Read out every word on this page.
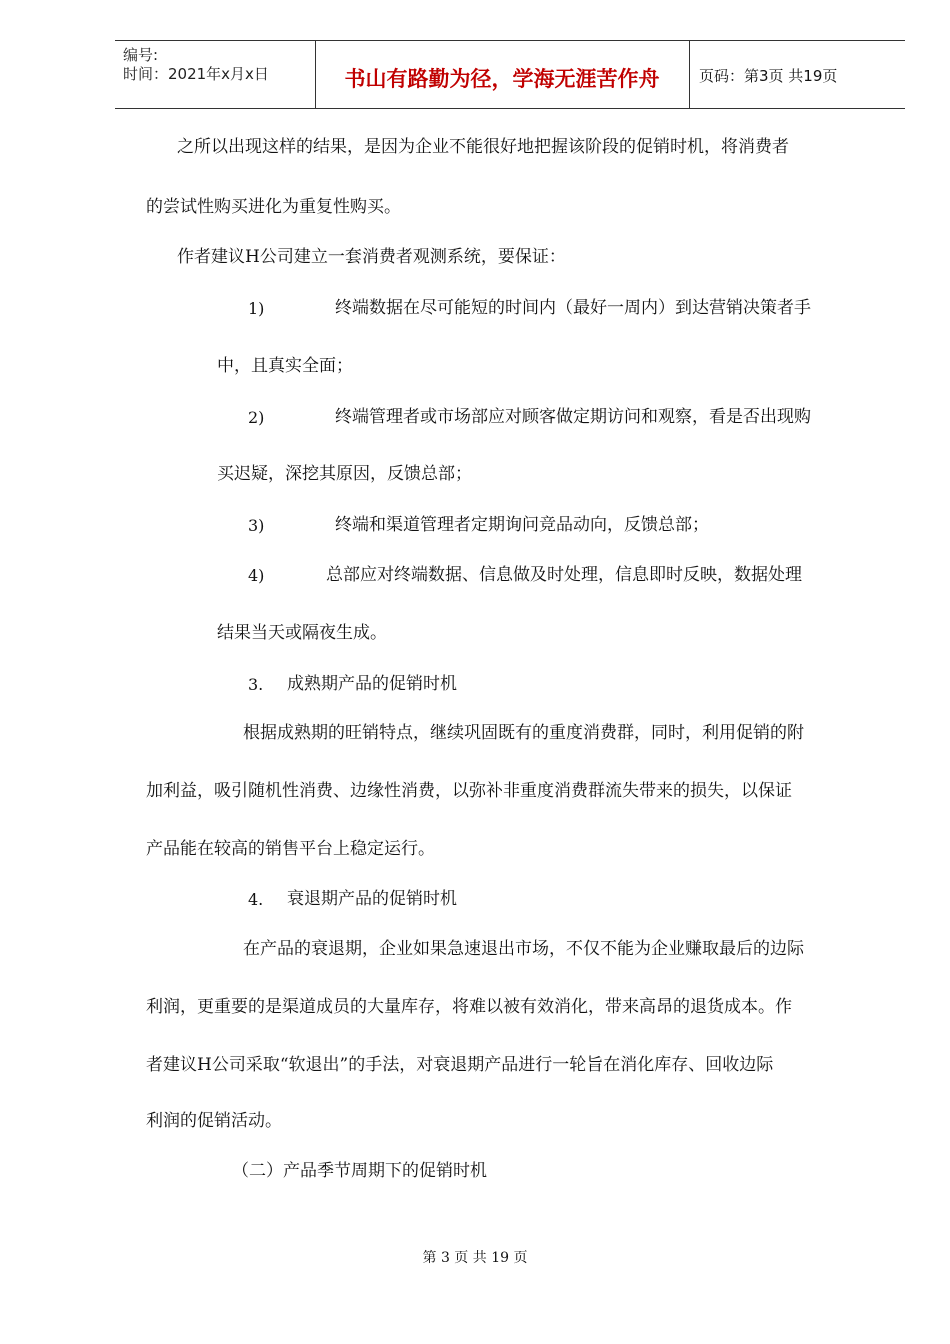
编号:
时间：2021年x月x日	书山有路勤为径，学海无涯苦作舟	页码：第3页 共19页
之所以出现这样的结果，是因为企业不能很好地把握该阶段的促销时机，将消费者
的尝试性购买进化为重复性购买。
作者建议H公司建立一套消费者观测系统，要保证：
1)	终端数据在尽可能短的时间内（最好一周内）到达营销决策者手
中，且真实全面；
2)	终端管理者或市场部应对顾客做定期访问和观察，看是否出现购
买迟疑，深挖其原因，反馈总部；
3)	终端和渠道管理者定期询问竞品动向，反馈总部；
4)	总部应对终端数据、信息做及时处理，信息即时反映，数据处理
结果当天或隔夜生成。
3. 成熟期产品的促销时机
根据成熟期的旺销特点，继续巩固既有的重度消费群，同时，利用促销的附
加利益，吸引随机性消费、边缘性消费，以弥补非重度消费群流失带来的损失，以保证
产品能在较高的销售平台上稳定运行。
4. 衰退期产品的促销时机
在产品的衰退期，企业如果急速退出市场，不仅不能为企业赚取最后的边际
利润，更重要的是渠道成员的大量库存，将难以被有效消化，带来高昂的退货成本。作
者建议H公司采取“软退出”的手法，对衰退期产品进行一轮旨在消化库存、回收边际
利润的促销活动。
（二）产品季节周期下的促销时机
第 3 页 共 19 页
